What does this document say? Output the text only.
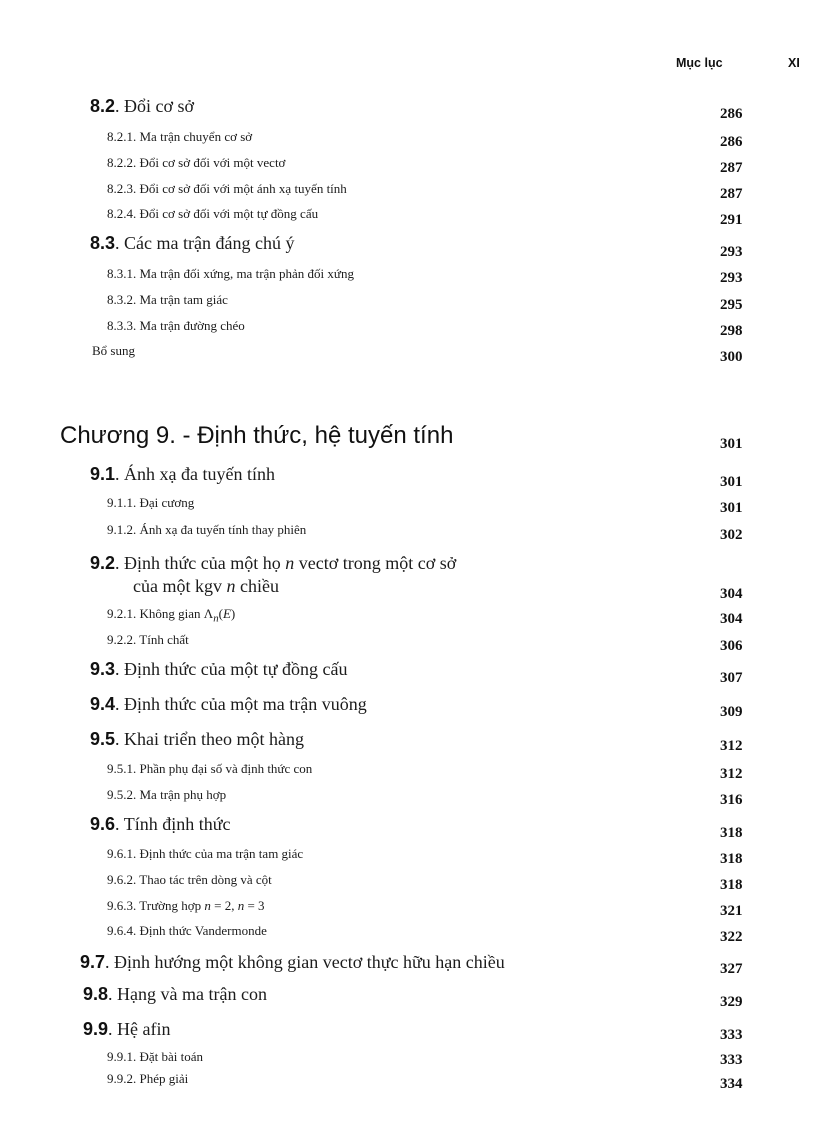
Mục lục	XI
8.2. Đổi cơ sở	286
8.2.1. Ma trận chuyển cơ sở	286
8.2.2. Đổi cơ sở đối với một vectơ	287
8.2.3. Đổi cơ sở đối với một ánh xạ tuyến tính	287
8.2.4. Đổi cơ sở đối với một tự đồng cấu	291
8.3. Các ma trận đáng chú ý	293
8.3.1. Ma trận đối xứng, ma trận phản đối xứng	293
8.3.2. Ma trận tam giác	295
8.3.3. Ma trận đường chéo	298
Bổ sung	300
Chương 9. - Định thức, hệ tuyến tính	301
9.1. Ánh xạ đa tuyến tính	301
9.1.1. Đại cương	301
9.1.2. Ánh xạ đa tuyến tính thay phiên	302
9.2. Định thức của một họ n vectơ trong một cơ sở
của một kgv n chiều	304
9.2.1. Không gian $\Lambda_n(E)$	304
9.2.2. Tính chất	306
9.3. Định thức của một tự đồng cấu	307
9.4. Định thức của một ma trận vuông	309
9.5. Khai triển theo một hàng	312
9.5.1. Phần phụ đại số và định thức con	312
9.5.2. Ma trận phụ hợp	316
9.6. Tính định thức	318
9.6.1. Định thức của ma trận tam giác	318
9.6.2. Thao tác trên dòng và cột	318
9.6.3. Trường hợp n = 2, n = 3	321
9.6.4. Định thức Vandermonde	322
9.7. Định hướng một không gian vectơ thực hữu hạn chiều	327
9.8. Hạng và ma trận con	329
9.9. Hệ afin	333
9.9.1. Đặt bài toán	333
9.9.2. Phép giải	334
